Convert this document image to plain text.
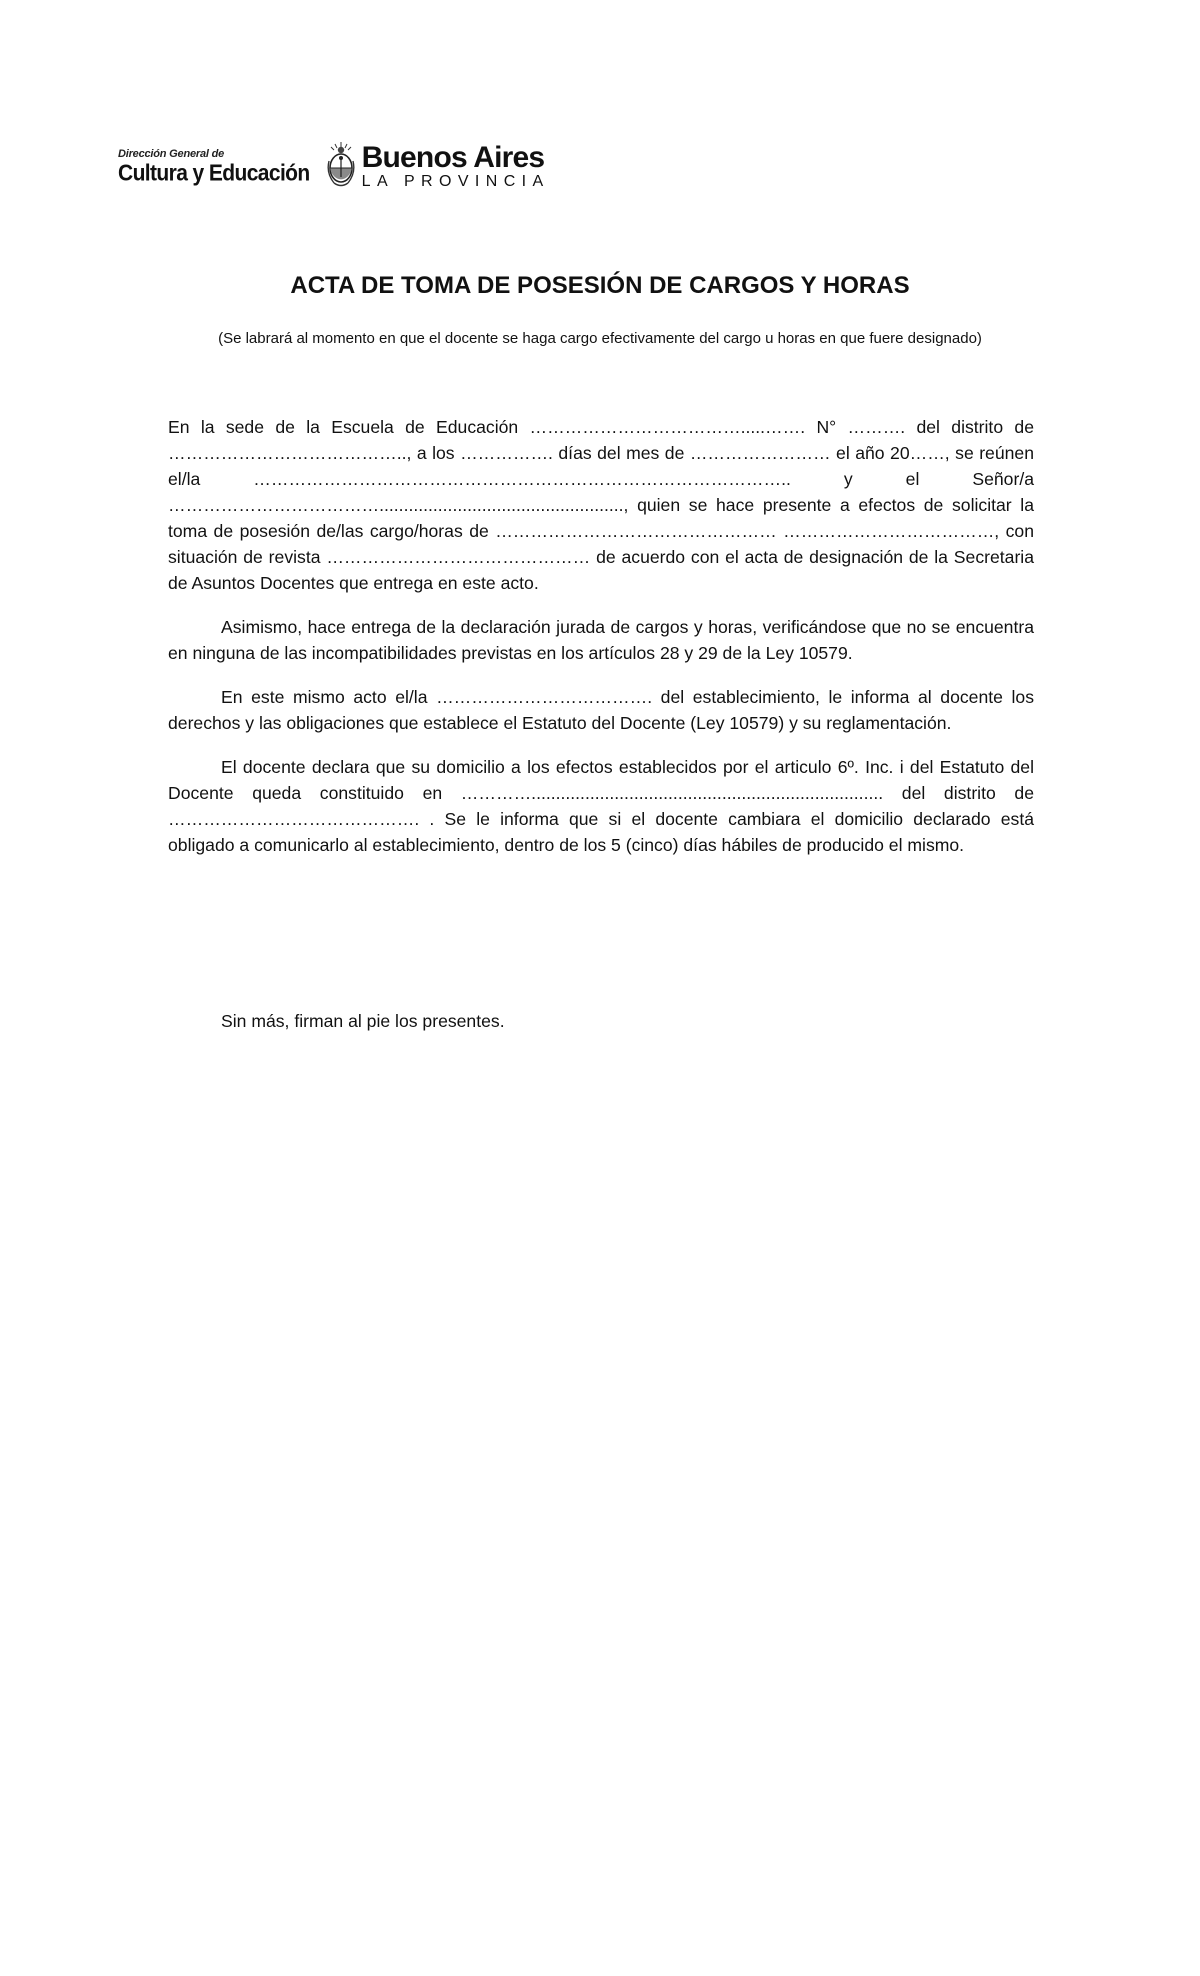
Dirección General de
Cultura y Educación Buenos Aires
LA PROVINCIA
ACTA DE TOMA DE POSESIÓN DE CARGOS Y HORAS
(Se labrará al momento en que el docente se haga cargo efectivamente del cargo u horas en que fuere designado)

En la sede de la Escuela de Educación ……………………………….....……. N° ………. del distrito de ………………………………….., a los ……………. días del mes de …………………… el año 20……, se reúnen el/la ……………………………………………………………………………….. y el Señor/a ……………………………….................................................., quien se hace presente a efectos de solicitar la toma de posesión de/las cargo/horas de ………………………………………… ………………………………, con situación de revista ……………………………………… de acuerdo con el acta de designación de la Secretaria de Asuntos Docentes que entrega en este acto.

Asimismo, hace entrega de la declaración jurada de cargos y horas, verificándose que no se encuentra en ninguna de las incompatibilidades previstas en los artículos 28 y 29 de la Ley 10579.

En este mismo acto el/la ………………………………. del establecimiento, le informa al docente los derechos y las obligaciones que establece el Estatuto del Docente (Ley 10579) y su reglamentación.

El docente declara que su domicilio a los efectos establecidos por el articulo 6º. Inc. i del Estatuto del Docente queda constituido en …………........................................................................ del distrito de ……………………………………. . Se le informa que si el docente cambiara el domicilio declarado está obligado a comunicarlo al establecimiento, dentro de los 5 (cinco) días hábiles de producido el mismo.

Sin más, firman al pie los presentes.
